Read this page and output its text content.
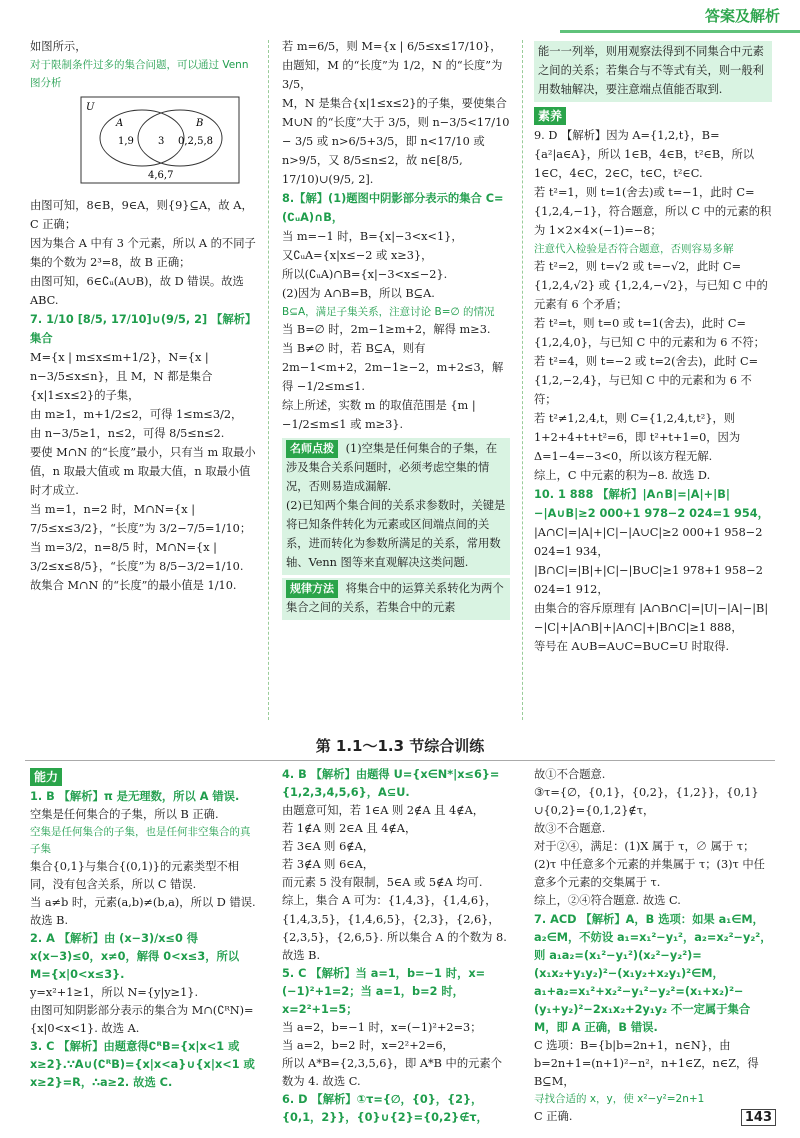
答案及解析

如图所示，

对于限制条件过多的集合问题，可以通过 Venn 图分析

U
A	B
1,9 3 0,2,5,8
4,6,7

由图可知，8∈B，9∈A，则{9}⊆A，故 A，C 正确；

因为集合 A 中有 3 个元素，所以 A 的不同子集的个数为 2³=8，故 B 正确；

由图可知，6∈∁ᵤ(A∪B)，故 D 错误。故选 ABC.

7. 1/10 [8/5, 17/10]∪(9/5, 2] 【解析】集合

M={x | m≤x≤m+1/2}，N={x | n−3/5≤x≤n}，且 M，N 都是集合{x|1≤x≤2}的子集，

由 m≥1，m+1/2≤2，可得 1≤m≤3/2，

由 n−3/5≥1，n≤2，可得 8/5≤n≤2.

要使 M∩N 的“长度”最小，只有当 m 取最小值，n 取最大值或 m 取最大值，n 取最小值时才成立.

当 m=1，n=2 时，M∩N={x | 7/5≤x≤3/2}，“长度”为 3/2−7/5=1/10；

当 m=3/2，n=8/5 时，M∩N={x | 3/2≤x≤8/5}，“长度”为 8/5−3/2=1/10.

故集合 M∩N 的“长度”的最小值是 1/10.

若 m=6/5，则 M={x | 6/5≤x≤17/10}，由题知，M 的“长度”为 1/2，N 的“长度”为 3/5，

M，N 是集合{x|1≤x≤2}的子集，要使集合 M∪N 的“长度”大于 3/5，则 n−3/5<17/10 − 3/5 或 n>6/5+3/5，即 n<17/10 或 n>9/5，又 8/5≤n≤2，故 n∈[8/5, 17/10)∪(9/5, 2].

8.【解】(1)题图中阴影部分表示的集合 C=(∁ᵤA)∩B，

当 m=−1 时，B={x|−3<x<1}，

又∁ᵤA={x|x≤−2 或 x≥3}，

所以(∁ᵤA)∩B={x|−3<x≤−2}.

(2)因为 A∩B=B，所以 B⊆A.

B⊆A，满足子集关系，注意讨论 B=∅ 的情况

当 B=∅ 时，2m−1≥m+2，解得 m≥3.

当 B≠∅ 时，若 B⊆A，则有 2m−1<m+2，2m−1≥−2，m+2≤3，解得 −1/2≤m≤1.

综上所述，实数 m 的取值范围是 {m | −1/2≤m≤1 或 m≥3}.

名师点拨 (1)空集是任何集合的子集，在涉及集合关系问题时，必须考虑空集的情况，否则易造成漏解.

(2)已知两个集合间的关系求参数时，关键是将已知条件转化为元素或区间端点间的关系，进而转化为参数所满足的关系，常用数轴、Venn 图等来直观解决这类问题.

规律方法 将集合中的运算关系转化为两个集合之间的关系，若集合中的元素

能一一列举，则用观察法得到不同集合中元素之间的关系；若集合与不等式有关，则一般利用数轴解决，要注意端点值能否取到.

素养

9. D 【解析】因为 A={1,2,t}，B={a²|a∈A}，所以 1∈B，4∈B，t²∈B，所以 1∈C，4∈C，2∈C，t∈C，t²∈C.

若 t²=1，则 t=1(舍去)或 t=−1，此时 C={1,2,4,−1}，符合题意，所以 C 中的元素的积为 1×2×4×(−1)=−8；

注意代入检验是否符合题意，否则容易多解

若 t²=2，则 t=√2 或 t=−√2，此时 C={1,2,4,√2} 或 {1,2,4,−√2}，与已知 C 中的元素有 6 个矛盾；

若 t²=t，则 t=0 或 t=1(舍去)，此时 C={1,2,4,0}，与已知 C 中的元素和为 6 不符；

若 t²=4，则 t=−2 或 t=2(舍去)，此时 C={1,2,−2,4}，与已知 C 中的元素和为 6 不符；

若 t²≠1,2,4,t，则 C={1,2,4,t,t²}，则 1+2+4+t+t²=6，即 t²+t+1=0，因为 Δ=1−4=−3<0，所以该方程无解.

综上，C 中元素的积为−8. 故选 D.

10. 1 888 【解析】|A∩B|=|A|+|B|−|A∪B|≥2 000+1 978−2 024=1 954，

|A∩C|=|A|+|C|−|A∪C|≥2 000+1 958−2 024=1 934，

|B∩C|=|B|+|C|−|B∪C|≥1 978+1 958−2 024=1 912，

由集合的容斥原理有 |A∩B∩C|=|U|−|A|−|B|−|C|+|A∩B|+|A∩C|+|B∩C|≥1 888，

等号在 A∪B=A∪C=B∪C=U 时取得.

第 1.1～1.3 节综合训练
能力

1. B 【解析】π 是无理数，所以 A 错误.

空集是任何集合的子集，所以 B 正确.

空集是任何集合的子集，也是任何非空集合的真子集

集合{0,1}与集合{(0,1)}的元素类型不相同，没有包含关系，所以 C 错误.

当 a≠b 时，元素(a,b)≠(b,a)，所以 D 错误. 故选 B.

2. A 【解析】由 (x−3)/x≤0 得 x(x−3)≤0，x≠0，解得 0<x≤3，所以 M={x|0<x≤3}.

y=x²+1≥1，所以 N={y|y≥1}.

由图可知阴影部分表示的集合为 M∩(∁ᴿN)={x|0<x<1}. 故选 A.

3. C 【解析】由题意得∁ᴿB={x|x<1 或 x≥2}.∵A∪(∁ᴿB)={x|x<a}∪{x|x<1 或 x≥2}=R，∴a≥2. 故选 C.

4. B 【解析】由题得 U={x∈N*|x≤6}={1,2,3,4,5,6}，A⊆U.

由题意可知，若 1∈A 则 2∉A 且 4∉A，

若 1∉A 则 2∈A 且 4∉A，

若 3∈A 则 6∉A，

若 3∉A 则 6∈A，

而元素 5 没有限制，5∈A 或 5∉A 均可.

综上，集合 A 可为：{1,4,3}，{1,4,6}，{1,4,3,5}，{1,4,6,5}，{2,3}，{2,6}，{2,3,5}，{2,6,5}. 所以集合 A 的个数为 8. 故选 B.

5. C 【解析】当 a=1，b=−1 时，x=(−1)²+1=2；当 a=1，b=2 时，x=2²+1=5；

当 a=2，b=−1 时，x=(−1)²+2=3；

当 a=2，b=2 时，x=2²+2=6，

所以 A*B={2,3,5,6}，即 A*B 中的元素个数为 4. 故选 C.

6. D 【解析】①τ={∅，{0}，{2}，{0,1，2}}，{0}∪{2}={0,2}∉τ，

故①不合题意.

③τ={∅，{0,1}，{0,2}，{1,2}}，{0,1}∪{0,2}={0,1,2}∉τ，

故③不合题意.

对于②④，满足：(1)X 属于 τ，∅ 属于 τ；(2)τ 中任意多个元素的并集属于 τ；(3)τ 中任意多个元素的交集属于 τ.

综上，②④符合题意. 故选 C.

7. ACD 【解析】A，B 选项：如果 a₁∈M，a₂∈M，不妨设 a₁=x₁²−y₁²，a₂=x₂²−y₂²，则 a₁a₂=(x₁²−y₁²)(x₂²−y₂²)=(x₁x₂+y₁y₂)²−(x₁y₂+x₂y₁)²∈M，a₁+a₂=x₁²+x₂²−y₁²−y₂²=(x₁+x₂)²−(y₁+y₂)²−2x₁x₂+2y₁y₂ 不一定属于集合 M，即 A 正确，B 错误.

C 选项：B={b|b=2n+1，n∈N}，由 b=2n+1=(n+1)²−n²，n+1∈Z，n∈Z，得 B⊆M，

寻找合适的 x，y，使 x²−y²=2n+1

C 正确.	143
